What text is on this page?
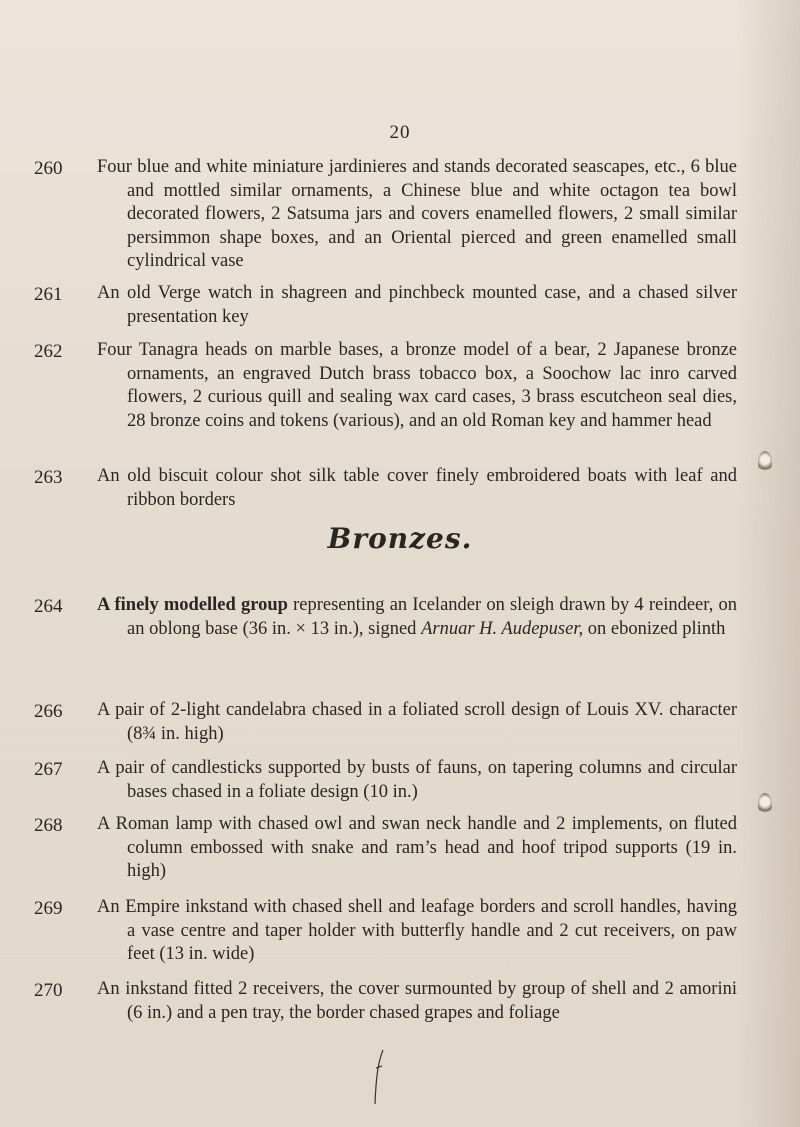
20
260 Four blue and white miniature jardinieres and stands decorated seascapes, etc., 6 blue and mottled similar ornaments, a Chinese blue and white octagon tea bowl decorated flowers, 2 Satsuma jars and covers enamelled flowers, 2 small similar persimmon shape boxes, and an Oriental pierced and green enamelled small cylindrical vase
261 An old Verge watch in shagreen and pinchbeck mounted case, and a chased silver presentation key
262 Four Tanagra heads on marble bases, a bronze model of a bear, 2 Japanese bronze ornaments, an engraved Dutch brass tobacco box, a Soochow lac inro carved flowers, 2 curious quill and sealing wax card cases, 3 brass escutcheon seal dies, 28 bronze coins and tokens (various), and an old Roman key and hammer head
263 An old biscuit colour shot silk table cover finely embroidered boats with leaf and ribbon borders
Bronzes.
264 A finely modelled group representing an Icelander on sleigh drawn by 4 reindeer, on an oblong base (36 in. × 13 in.), signed Arnuar H. Audepuser, on ebonized plinth
266 A pair of 2-light candelabra chased in a foliated scroll design of Louis XV. character (8¾ in. high)
267 A pair of candlesticks supported by busts of fauns, on tapering columns and circular bases chased in a foliate design (10 in.)
268 A Roman lamp with chased owl and swan neck handle and 2 implements, on fluted column embossed with snake and ram’s head and hoof tripod supports (19 in. high)
269 An Empire inkstand with chased shell and leafage borders and scroll handles, having a vase centre and taper holder with butterfly handle and 2 cut receivers, on paw feet (13 in. wide)
270 An inkstand fitted 2 receivers, the cover surmounted by group of shell and 2 amorini (6 in.) and a pen tray, the border chased grapes and foliage
